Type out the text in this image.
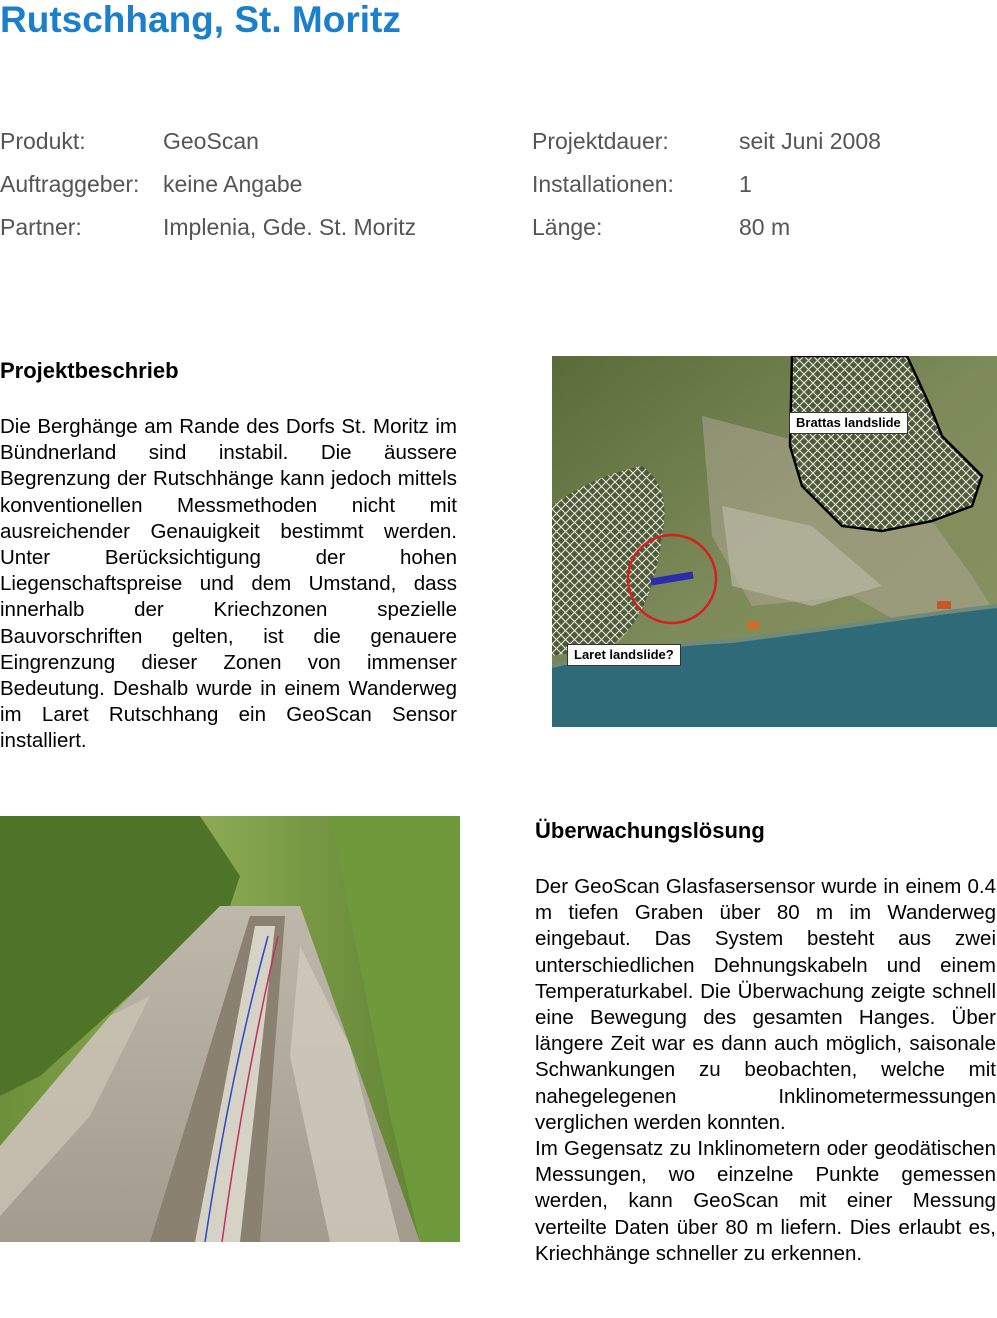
Rutschhang, St. Moritz
Produkt:	GeoScan
Auftraggeber: keine Angabe
Partner:	Implenia, Gde. St. Moritz
Projektdauer:	seit Juni 2008
Installationen:	1
Länge:	80 m
Projektbeschrieb

Die Berghänge am Rande des Dorfs St. Moritz im Bündnerland sind instabil. Die äussere Begrenzung der Rutschhänge kann jedoch mittels konventionellen Messmethoden nicht mit ausreichender Genauigkeit bestimmt werden. Unter Berücksichtigung der hohen Liegenschaftspreise und dem Umstand, dass innerhalb der Kriechzonen spezielle Bauvorschriften gelten, ist die genauere Eingrenzung dieser Zonen von immenser Bedeutung. Deshalb wurde in einem Wanderweg im Laret Rutschhang ein GeoScan Sensor installiert.

Brattas landslide
Laret landslide?
Überwachungslösung

Der GeoScan Glasfasersensor wurde in einem 0.4 m tiefen Graben über 80 m im Wanderweg eingebaut. Das System besteht aus zwei unterschiedlichen Dehnungskabeln und einem Temperaturkabel. Die Überwachung zeigte schnell eine Bewegung des gesamten Hanges. Über längere Zeit war es dann auch möglich, saisonale Schwankungen zu beobachten, welche mit nahegelegenen Inklinometermessungen verglichen werden konnten.

Im Gegensatz zu Inklinometern oder geodätischen Messungen, wo einzelne Punkte gemessen werden, kann GeoScan mit einer Messung verteilte Daten über 80 m liefern. Dies erlaubt es, Kriechhänge schneller zu erkennen.
